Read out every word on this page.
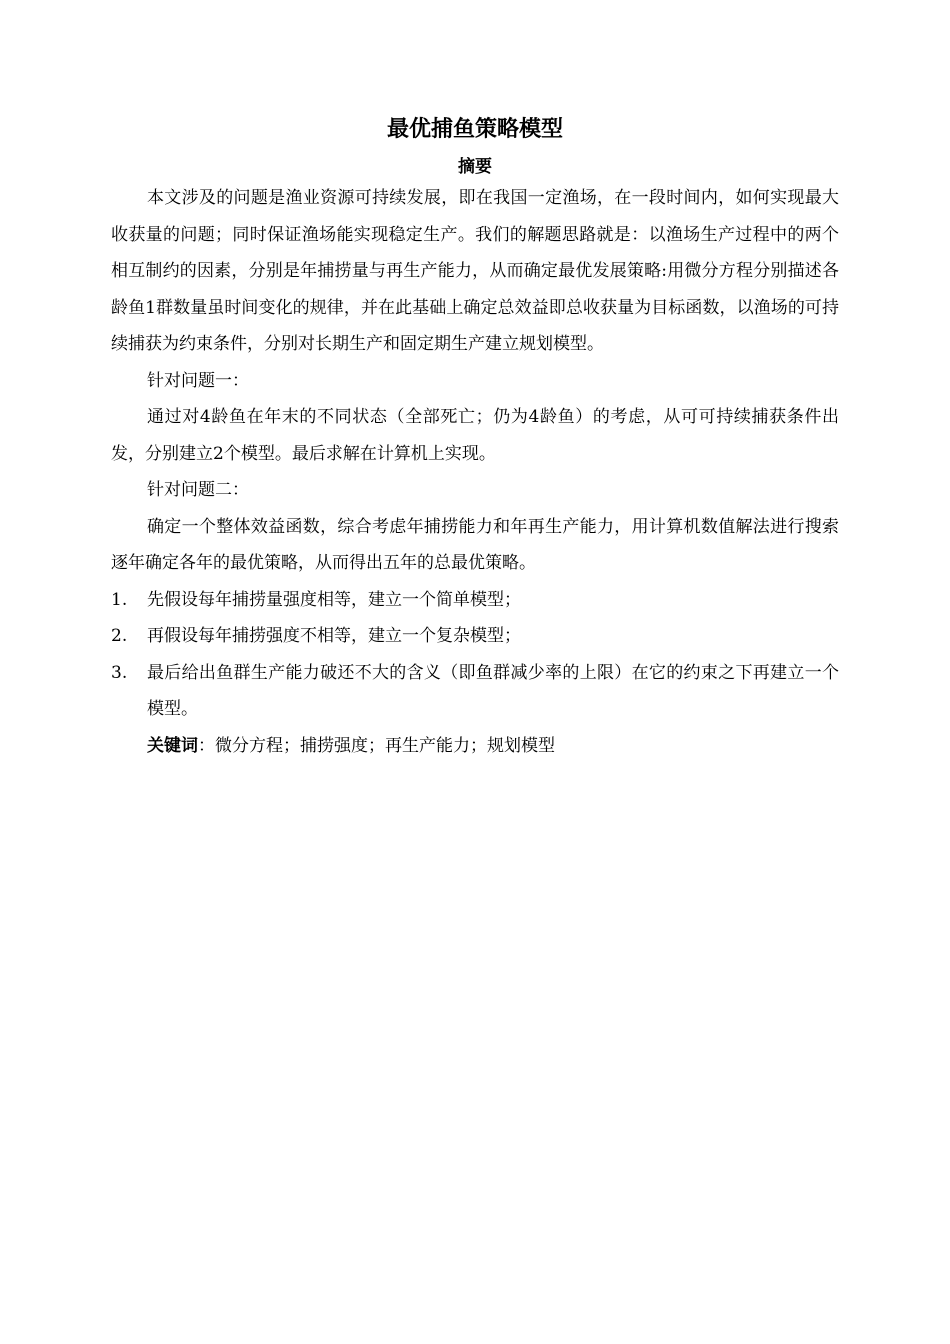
最优捕鱼策略模型
摘要

本文涉及的问题是渔业资源可持续发展，即在我国一定渔场，在一段时间内，如何实现最大收获量的问题；同时保证渔场能实现稳定生产。我们的解题思路就是：以渔场生产过程中的两个相互制约的因素，分别是年捕捞量与再生产能力，从而确定最优发展策略:用微分方程分别描述各龄鱼1群数量虽时间变化的规律，并在此基础上确定总效益即总收获量为目标函数，以渔场的可持续捕获为约束条件，分别对长期生产和固定期生产建立规划模型。

针对问题一：

通过对4龄鱼在年末的不同状态（全部死亡；仍为4龄鱼）的考虑，从可可持续捕获条件出发，分别建立2个模型。最后求解在计算机上实现。

针对问题二：

确定一个整体效益函数，综合考虑年捕捞能力和年再生产能力，用计算机数值解法进行搜索逐年确定各年的最优策略，从而得出五年的总最优策略。

1. 先假设每年捕捞量强度相等，建立一个简单模型；
2. 再假设每年捕捞强度不相等，建立一个复杂模型；
3. 最后给出鱼群生产能力破还不大的含义（即鱼群减少率的上限）在它的约束之下再建立一个模型。

关键词：微分方程；捕捞强度；再生产能力；规划模型
